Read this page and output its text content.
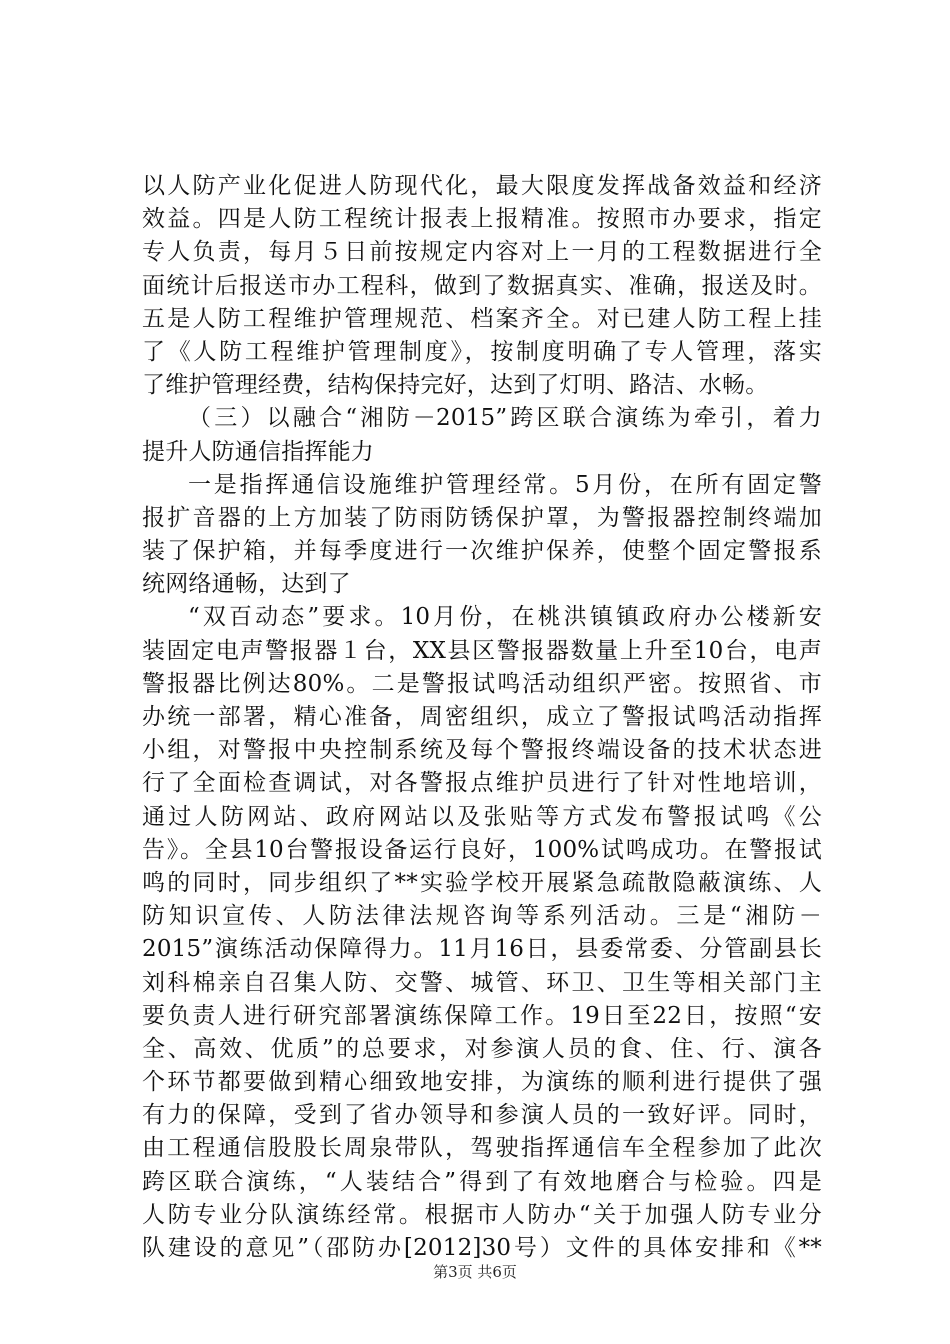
以人防产业化促进人防现代化，最大限度发挥战备效益和经济
效益。四是人防工程统计报表上报精准。按照市办要求，指定
专人负责，每月５日前按规定内容对上一月的工程数据进行全
面统计后报送市办工程科，做到了数据真实、准确，报送及时。
五是人防工程维护管理规范、档案齐全。对已建人防工程上挂
了《人防工程维护管理制度》，按制度明确了专人管理，落实
了维护管理经费，结构保持完好，达到了灯明、路洁、水畅。
（三）以融合“湘防－2015”跨区联合演练为牵引，着力
提升人防通信指挥能力
一是指挥通信设施维护管理经常。5月份，在所有固定警
报扩音器的上方加装了防雨防锈保护罩，为警报器控制终端加
装了保护箱，并每季度进行一次维护保养，使整个固定警报系
统网络通畅，达到了
“双百动态”要求。10月份，在桃洪镇镇政府办公楼新安
装固定电声警报器１台，XX县区警报器数量上升至10台，电声
警报器比例达80%。二是警报试鸣活动组织严密。按照省、市
办统一部署，精心准备，周密组织，成立了警报试鸣活动指挥
小组，对警报中央控制系统及每个警报终端设备的技术状态进
行了全面检查调试，对各警报点维护员进行了针对性地培训，
通过人防网站、政府网站以及张贴等方式发布警报试鸣《公
告》。全县10台警报设备运行良好，100%试鸣成功。在警报试
鸣的同时，同步组织了**实验学校开展紧急疏散隐蔽演练、人
防知识宣传、人防法律法规咨询等系列活动。三是“湘防－
2015”演练活动保障得力。11月16日，县委常委、分管副县长
刘科棉亲自召集人防、交警、城管、环卫、卫生等相关部门主
要负责人进行研究部署演练保障工作。19日至22日，按照“安
全、高效、优质”的总要求，对参演人员的食、住、行、演各
个环节都要做到精心细致地安排，为演练的顺利进行提供了强
有力的保障，受到了省办领导和参演人员的一致好评。同时，
由工程通信股股长周泉带队，驾驶指挥通信车全程参加了此次
跨区联合演练，“人装结合”得到了有效地磨合与检验。四是
人防专业分队演练经常。根据市人防办“关于加强人防专业分
队建设的意见”（邵防办[2012]30号）文件的具体安排和《**
第3页 共6页
